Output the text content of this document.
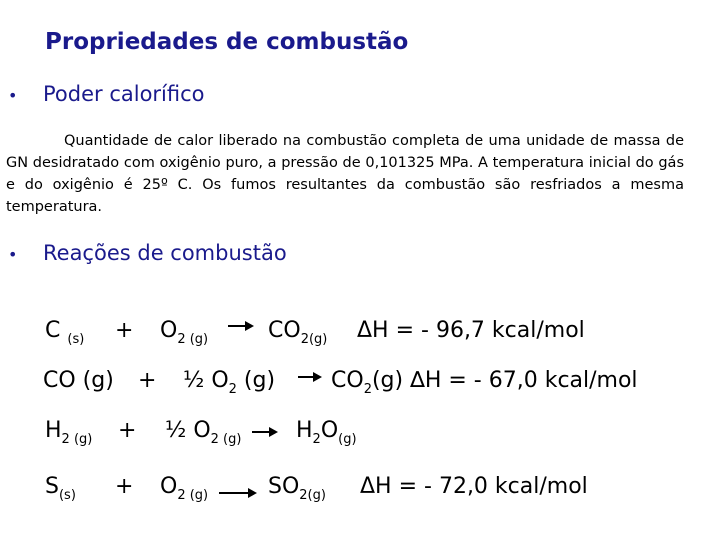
Propriedades de combustão
• Poder calorífico
Quantidade de calor liberado na combustão completa de uma unidade de massa de GN desidratado com oxigênio puro, a pressão de 0,101325 MPa. A temperatura inicial do gás e do oxigênio é 25º C. Os fumos resultantes da combustão são resfriados a mesma temperatura.
• Reações de combustão
C $_{(s)} + O_{2 (g)} \to CO_{2(g)}$ ΔH = - 96,7 kcal/mol
CO (g) + ½ $O_2$ $(g) \to CO_2(g) \Delta H$ = - 67,0 kcal/mol
$H_{2 (g)}$ + ½ $O_{2 (g)} \to H_2O_{(g)}$
$S_{(s)} + O_{2 (g)} \to SO_{2(g)}$ ΔH = - 72,0 kcal/mol
